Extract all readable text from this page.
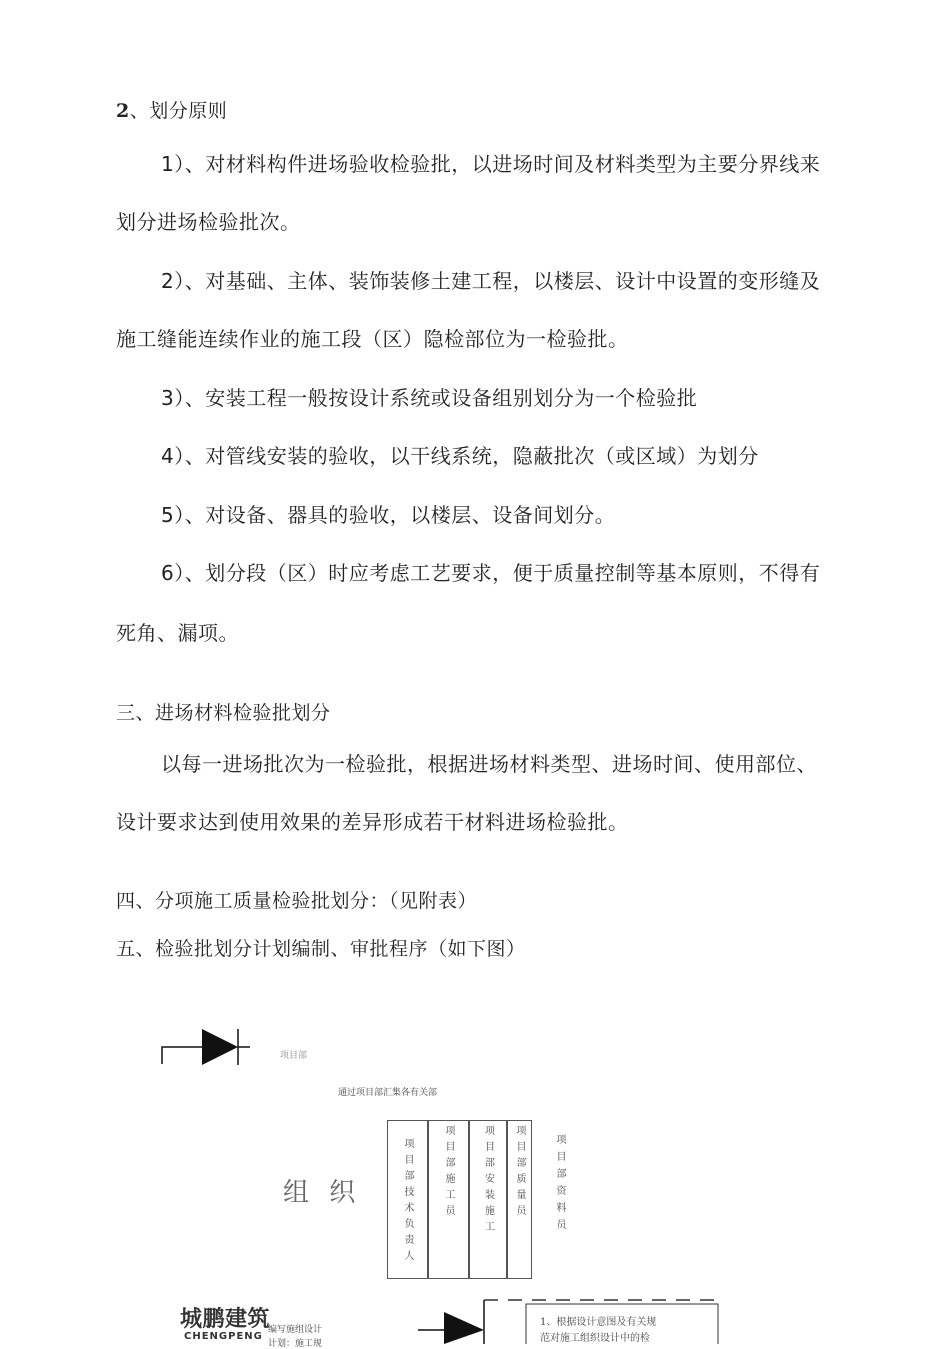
2、划分原则
1）、对材料构件进场验收检验批，以进场时间及材料类型为主要分界线来
划分进场检验批次。
2）、对基础、主体、装饰装修土建工程，以楼层、设计中设置的变形缝及
施工缝能连续作业的施工段（区）隐检部位为一检验批。
3）、安装工程一般按设计系统或设备组别划分为一个检验批
4）、对管线安装的验收，以干线系统，隐蔽批次（或区域）为划分
5）、对设备、器具的验收，以楼层、设备间划分。
6）、划分段（区）时应考虑工艺要求，便于质量控制等基本原则，不得有
死角、漏项。
三、进场材料检验批划分
以每一进场批次为一检验批，根据进场材料类型、进场时间、使用部位、
设计要求达到使用效果的差异形成若干材料进场检验批。
四、分项施工质量检验批划分：（见附表）
五、检验批划分计划编制、审批程序（如下图）
项目部
通过项目部汇集各有关部
组 织	项目部技术负责人	项目部施工员	项目部安装施工 项目部质量员	项目部资料员
城鹏建筑
CHENGPENG
编写施组设计
计划：施工规
1、根据设计意图及有关规
范对施工组织设计中的检
